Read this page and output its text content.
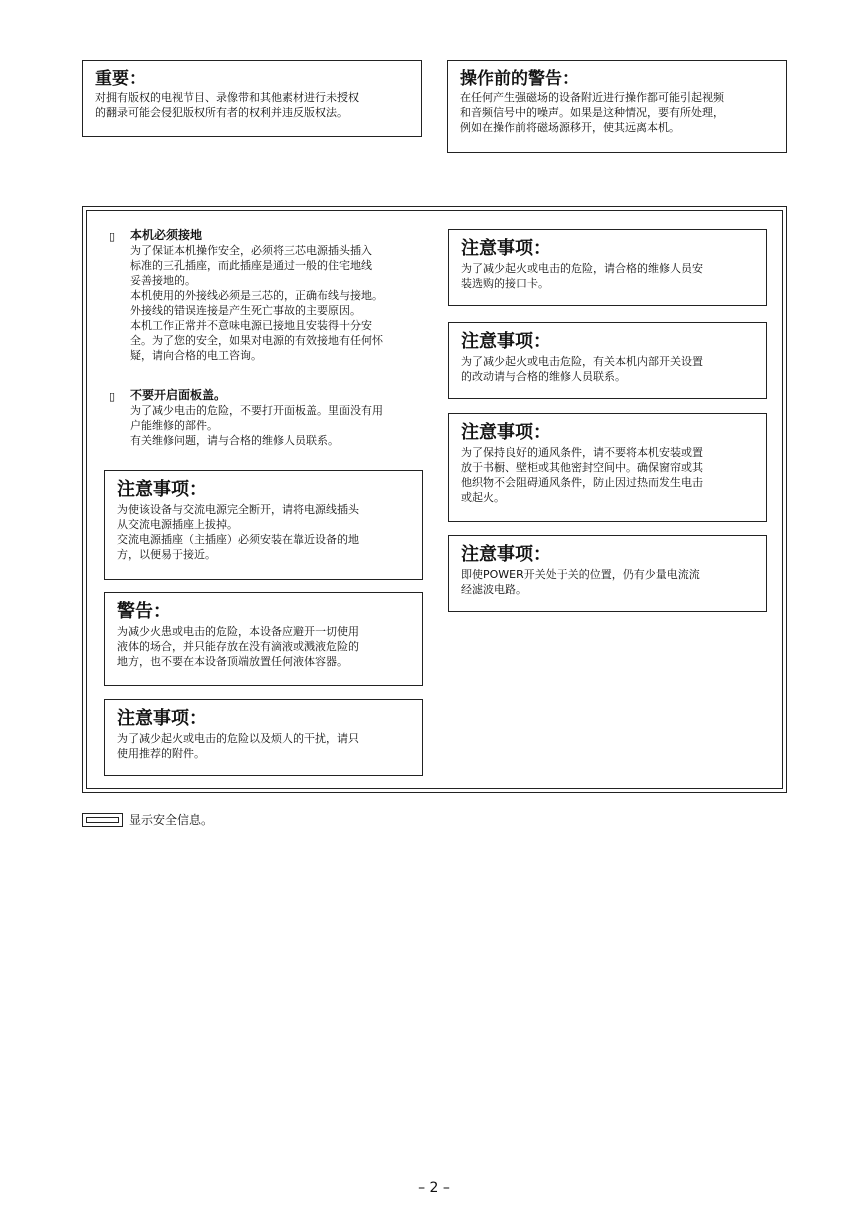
重要：
对拥有版权的电视节目、录像带和其他素材进行未授权
的翻录可能会侵犯版权所有者的权利并违反版权法。
操作前的警告：
在任何产生强磁场的设备附近进行操作都可能引起视频
和音频信号中的噪声。如果是这种情况，要有所处理，
例如在操作前将磁场源移开，使其远离本机。
▯ 本机必须接地
为了保证本机操作安全，必须将三芯电源插头插入
标准的三孔插座，而此插座是通过一般的住宅地线
妥善接地的。
本机使用的外接线必须是三芯的，正确布线与接地。
外接线的错误连接是产生死亡事故的主要原因。
本机工作正常并不意味电源已接地且安装得十分安
全。为了您的安全，如果对电源的有效接地有任何怀
疑，请向合格的电工咨询。
▯ 不要开启面板盖。
为了减少电击的危险，不要打开面板盖。里面没有用
户能维修的部件。
有关维修问题，请与合格的维修人员联系。
注意事项：
为使该设备与交流电源完全断开，请将电源线插头
从交流电源插座上拔掉。
交流电源插座（主插座）必须安装在靠近设备的地
方，以便易于接近。
警告：
为减少火患或电击的危险，本设备应避开一切使用
液体的场合，并只能存放在没有滴液或溅液危险的
地方，也不要在本设备顶端放置任何液体容器。
注意事项：
为了减少起火或电击的危险以及烦人的干扰，请只
使用推荐的附件。
注意事项：
为了减少起火或电击的危险，请合格的维修人员安
装选购的接口卡。
注意事项：
为了减少起火或电击危险，有关本机内部开关设置
的改动请与合格的维修人员联系。
注意事项：
为了保持良好的通风条件，请不要将本机安装或置
放于书橱、壁柜或其他密封空间中。确保窗帘或其
他织物不会阻碍通风条件，防止因过热而发生电击
或起火。
注意事项：
即使POWER开关处于关的位置，仍有少量电流流
经滤波电路。
显示安全信息。
– 2 –
